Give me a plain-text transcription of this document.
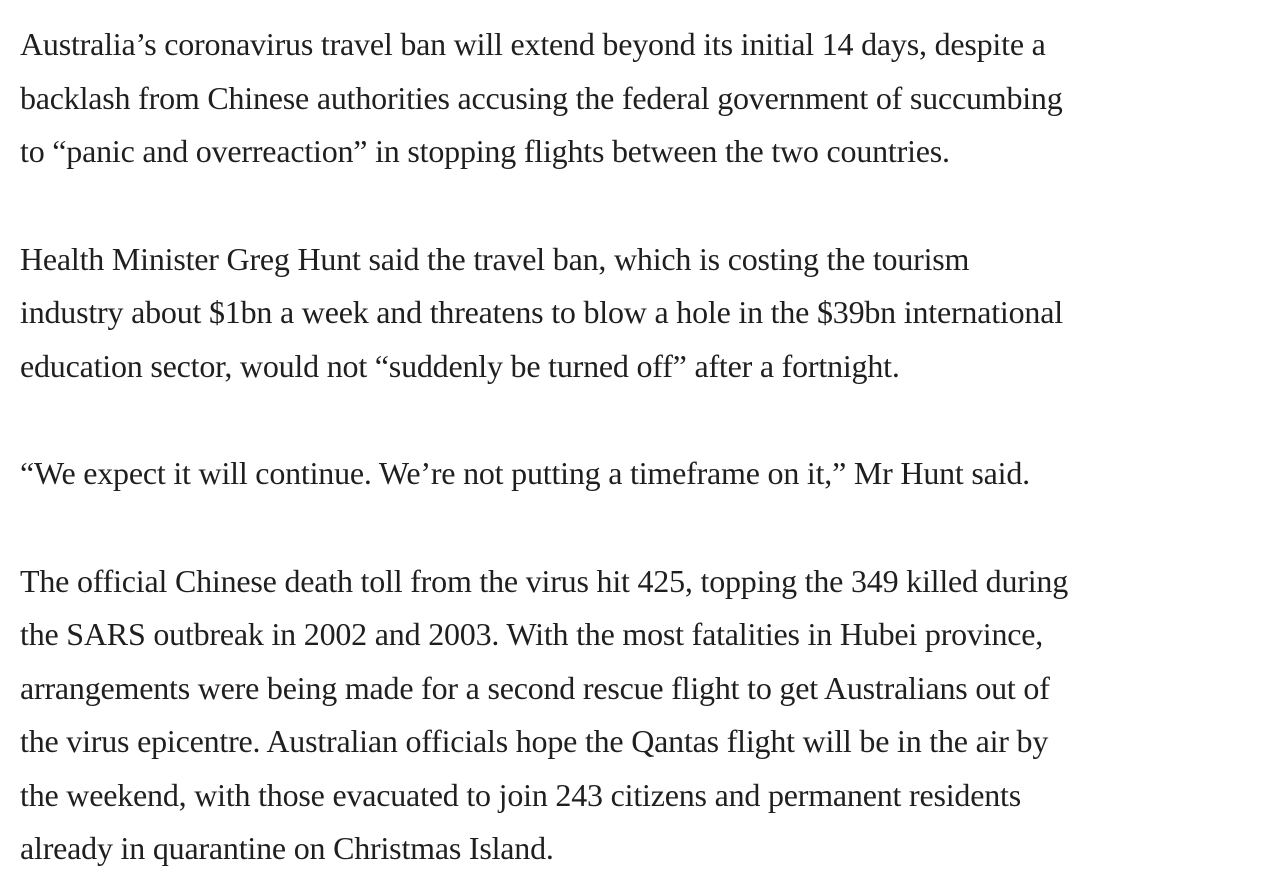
Australia’s coronavirus travel ban will extend beyond its initial 14 days, despite a
backlash from Chinese authorities accusing the federal government of succumbing
to “panic and overreaction” in stopping flights between the two countries.

Health Minister Greg Hunt said the travel ban, which is costing the tourism
industry about $1bn a week and threatens to blow a hole in the $39bn international
education sector, would not “suddenly be turned off” after a fortnight.

“We expect it will continue. We’re not putting a timeframe on it,” Mr Hunt said.

The official Chinese death toll from the virus hit 425, topping the 349 killed during
the SARS outbreak in 2002 and 2003. With the most fatalities in Hubei province,
arrangements were being made for a second rescue flight to get Australians out of
the virus epicentre. Australian officials hope the Qantas flight will be in the air by
the weekend, with those evacuated to join 243 citizens and permanent residents
already in quarantine on Christmas Island.
